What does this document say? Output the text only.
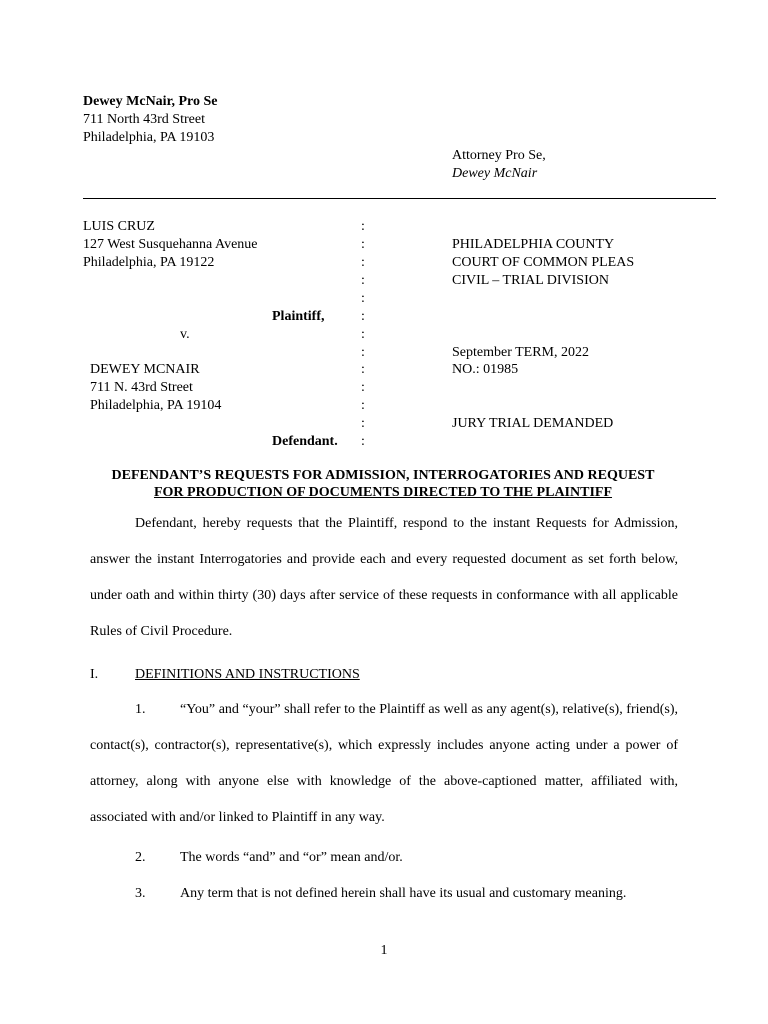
Dewey McNair, Pro Se
711 North 43rd Street
Philadelphia, PA 19103
Attorney Pro Se,
Dewey McNair
LUIS CRUZ
127 West Susquehanna Avenue
Philadelphia, PA 19122
Plaintiff,
v.
DEWEY MCNAIR
711 N. 43rd Street
Philadelphia, PA 19104
Defendant.
:
:
:
:
:
:
:
:
:
:
:
:
:
PHILADELPHIA COUNTY
COURT OF COMMON PLEAS
CIVIL – TRIAL DIVISION
September TERM, 2022
NO.: 01985
JURY TRIAL DEMANDED
DEFENDANT’S REQUESTS FOR ADMISSION, INTERROGATORIES AND REQUEST
FOR PRODUCTION OF DOCUMENTS DIRECTED TO THE PLAINTIFF
Defendant, hereby requests that the Plaintiff, respond to the instant Requests for Admission, answer the instant Interrogatories and provide each and every requested document as set forth below, under oath and within thirty (30) days after service of these requests in conformance with all applicable Rules of Civil Procedure.
I.	DEFINITIONS AND INSTRUCTIONS
“You” and “your” shall refer to the Plaintiff as well as any agent(s), relative(s), friend(s), contact(s), contractor(s), representative(s), which expressly includes anyone acting under a power of attorney, along with anyone else with knowledge of the above-captioned matter, affiliated with, associated with and/or linked to Plaintiff in any way.
1.
2. The words “and” and “or” mean and/or.
3. Any term that is not defined herein shall have its usual and customary meaning.
1
